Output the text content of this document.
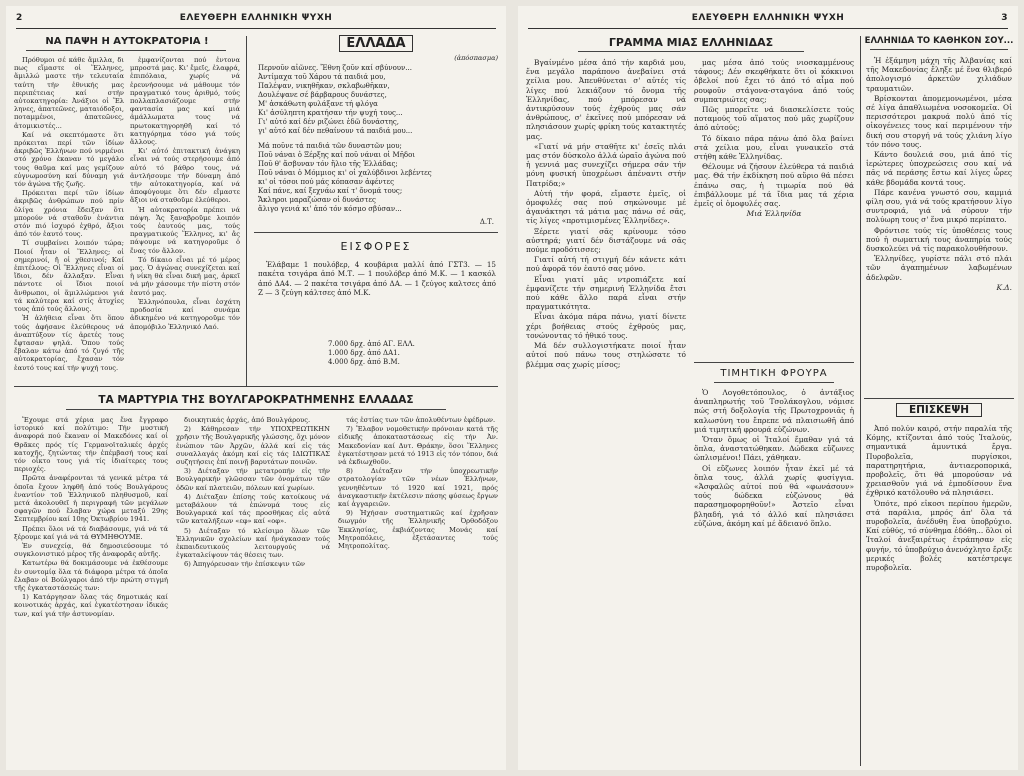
2	ΕΛΕΥΘΕΡΗ ΕΛΛΗΝΙΚΗ ΨΥΧΗ
ΝΑ ΠΑΨΗ Η ΑΥΤΟΚΡΑΤΟΡΙΑ !

Πρόθυμοι σέ κάθε ἅμιλλα, δι πως εἴμαστε οἱ Ἕλληνες, ἅμιλλώ μαστε τήν τελευταία ταύτη τήν ἐθνικής μας περιπέτειας καί στήν αὐτοκατηγορία: Ἀνάξιοι οἱ Ἕλ ληνες, ἀπατεῶνες, ματαιόδοξοι, ποταμμένοι, ἀπατεῶνες, ἀτομικιστές...

Καί νά σκεπτόμαστε ὅτι πρόκειται περί τῶν ἰδίων ἀκριβῶς Ἑλλήνων πού νιρμένοι στό χρόνο ἐκαναν τό μεγάλο τους θαῦμα καί μας γεμίζουν εὐγνωμοσύνη καί δύναμη γιά τόν ἀγώνα τῆς ζωῆς.

Πρόκειται περί τῶν ἰδίων ἀκριβῶς ἀνθρώπων πού πρίν ὀλίγα χρόνια ἔδειξαν ὅτι μπορούν νά σταθοῦν ἐνάντια στόν πιό ἰσχυρό ἐχθρό, ἄξιοι ἀπό τόν ἑαυτό τους.

Τί συμβαίνει λοιπόν τώρα; Ποιοί ἦταν οἱ Ἕλληνες; οἱ σημερινοί, ἤ οἱ χθεσινοί; Καί ἐπιτέλους: Οἱ Ἕλληνες εἶναι οἱ ἴδιοι, δέν ἄλλαξαν. Εἶναι πάντοτε οἱ ἴδιοι ποιοί ἄνθρωποι, οἱ ἅμιλλώμενοι γιά τά καλύτερα καί στίς ἀτυχίες τους ἀπό τούς ἄλλους.

Ἡ ἀλήθεια εἶναι ὅτι ὅπου τούς ἀφήσανε ἐλεύθερους νά ἀναπτύξουν τίς ἀρετές τους ἔφτασαν ψηλά. Ὅπου τούς ἔβαλαν κάτω ἀπό τό ζυγό τῆς αὐτοκρατορίας, ἔχασαν τόν ἑαυτό τους καί τήν ψυχή τους.

ἐμφανίζονται πού ἐντονα μπροστά μας. Κι' ἔμεῖς, ἐλαφρά, ἐπιπόλαια, χωρίς νά ἐρευνήσουμε νά μάθουμε τόν πραγματικό τους ἀριθμό, τούς πολλαπλασιάζουμε στήν φαντασία μας καί μιά ἀμάλλωματα τους νά πρωτοκατηγορηθῆ καί τό κατηγόρημα τόσο γιά τούς ἄλλους.

Κι' αὐτό ἐπιτακτική ἀνάγκη εἶναι νά τούς στερήσουμε ἀπό αὐτό τό βάθρο τους, νά ἀντλήσουμε τήν δύναμη ἀπό τήν αὐτοκατηγορία, καί νά ἀποφύγουμε ὅτι δέν εἴμαστε ἄξιοι νά σταθοῦμε ἐλεύθεροι.

Ἡ αὐτοκρατορία πρέπει νά πάψη. Ἄς ξαναβροῦμε λοιπόν τούς ἑαυτούς μας, τούς πραγματικούς Ἕλληνες, κι' ἄς πάψουμε νά κατηγοροῦμε ὁ ἕνας τόν ἄλλον.

Τό δίκαιο εἶναι μέ τό μέρος μας. Ὁ ἀγώνας συνεχίζεται καί ἡ νίκη θά εἶναι δική μας, ἀρκεῖ νά μήν χάσουμε τήν πίστη στόν ἑαυτό μας.

Ἑλληνόπουλα, εἶναι ἐσχάτη προδοσία καί συνάμα ἀδικημένο νά κατηγοροῦμε τόν ἀπομόβιλο Ἑλληνικό Λαό.

ΕΛΛΑΔΑ
(ἀπόσπασμα)
Περνοῦν αἰῶνες. Ἔθνη ζοῦν καί σβύνουν...
Ἀντίμαχα τοῦ Χάρου τά παιδιά μου,
Παλέψαν, νικηθῆκαν, σκλαβωθῆκαν,
Δουλέψανε σέ βάρβαρους δυνάστες,
Μ' ἀσκάθωτη φυλάξανε τή φλόγα
Κι' ἀσύληπτη κρατήσαν τήν ψυχή τους...
Γι' αὐτό καί δέν ριζώνει ἐδῶ δυνάστης,
γι' αὐτό καί δέν πεθαίνουν τά παιδιά μου...
Μά ποῦνε τά παιδιά τῶν δυναστῶν μου;
Ποῦ νάναι ὁ Ξέρξης καί ποῦ νάναι οἱ Μῆδοι
Ποῦ θ' ἄσβυναν τόν ἥλιο τῆς Ἑλλάδας;
Ποῦ νάναι ὁ Μόμμιος κι' οἱ χαλύβδινοι λεβέντες
κι' οἱ τόσοι πού μάς κόπασαν ἀφέντες
Καί πάνε, καί ξεχνάω καί τ' ὄνομά τους;
Ἄκληροι μαραζώσαν οἱ δυνάστες
ἄλιγο γενιά κι' ἀπό τόν κόσμο σβύσαν...
Δ.Τ.
ΕΙΣΦΟΡΕΣ

Ἐλάβαμε 1 πουλόβερ, 4 κουβάρια μαλλί ἀπό ΓΣΤ3. — 15 πακέτα τσιγάρα ἀπό Μ.Τ. — 1 πουλόβερ ἀπό Μ.Κ. — 1 κασκόλ ἀπό ΔΑ4. — 2 πακέτα τσιγάρα ἀπό ΔΑ. — 1 ζεύγος καλτσες ἀπό Ζ — 3 ζεύγη κάλτσες ἀπό Μ.Κ.

7.000 δρχ. ἀπό ΑΓ. ΕΛΛ.
1.000 δρχ. ἀπό ΔΑ1.
4.000 δρχ. ἀπό Β.Μ.
ΤΑ ΜΑΡΤΥΡΙΑ ΤΗΣ ΒΟΥΛΓΑΡΟΚΡΑΤΗΜΕΝΗΣ ΕΛΛΑΔΑΣ

Ἔχουμε στά χέρια μας ἕνα ἔγγραφο ἱστορικό καί πολύτιμο: Τήν μυστική ἀναφορά πού ἔκαναν οἱ Μακεδόνες καί οἱ Θρᾶκες πρός τίς Γερμανοϊταλικές ἀρχές κατοχῆς, ζητώντας τήν ἐπέμβασή τους καί τόν οἶκτο τους γιά τίς ἰδιαίτερες τους περιοχές.

Πρῶτα ἀναφέρονται τά γενικά μέτρα τά ὁποῖα ἔχουν ληφθῆ ἀπό τούς Βουλγάρους ἐναντίον τοῦ Ἑλληνικοῦ πληθυσμοῦ, καί μετά ἀκολουθεῖ ἡ περιγραφή τῶν μεγάλων σφαγῶν πού ἔλαβαν χώρα μεταξύ 29ης Σεπτεμβρίου καί 10ης Ὀκτωβρίου 1941.

Πρέπει ὅλοι νά τά διαβάσουμε, γιά νά τά ξέρουμε καί γιά νά τά ΘΥΜΗΘΟΥΜΕ.

Ἐν συνεχείᾳ, θά δημοσιεύσουμε τό συγκλονιστικό μέρος τῆς ἀναφορᾶς αὐτῆς.

Κατωτέρω θά δοκιμάσουμε νά ἐκθέσουμε ἐν συντομίᾳ ὅλα τά διάφορα μέτρα τά ὁποῖα ἔλαβαν οἱ Βούλγαροι ἀπό τήν πρώτη στιγμή τῆς ἐγκαταστάσεώς των:

1) Κατάργησαν ὅλας τάς δημοτικάς καί κοινοτικάς ἀρχάς, καί ἐγκατέστησαν ἰδικάς των, καί γιά τήν ἀστυνομίαν.

διοικητικάς ἀρχάς, ἀπό Βουλγάρους.

2) Κάθηρεσαν τήν ΥΠΟΧΡΕΩΤΙΚΗΝ χρῆσιν τῆς Βουλγαρικῆς γλώσσης, ὄχι μόνον ἐνώπιον τῶν Ἀρχῶν, ἀλλά καί εἰς τάς συναλλαγάς ἀκόμη καί εἰς τάς ΙΔΙΩΤΙΚΑΣ συζητήσεις ἐπί ποινῇ βαρυτάτων ποινῶν.

3) Διέταξαν τήν μετατροπήν εἰς τήν Βουλγαρικήν γλῶσσαν τῶν ὀνομάτων τῶν ὁδῶν καί πλατειῶν, πόλεων καί χωρίων.

4) Διέταξαν ἐπίσης τούς κατοίκους νά μεταβάλουν τά ἐπώνυμά τους εἰς Βουλγαρικά καί τάς προσθήκας εἰς αὐτά τῶν καταλήξεων «εφ» καί «οφ».

5) Διέταξαν τό κλείσιμο ὅλων τῶν Ἑλληνικῶν σχολείων καί ἠνάγκασαν τούς ἐκπαιδευτικούς λειτουργούς νά ἐγκαταλείψουν τάς θέσεις των.

6) Ἀπηγόρευσαν τήν ἐπίσκεψιν τῶν

τάς ἑστίας των τῶν ἀπολυθέντων ἐφέδρων.

7) Ἔλαβον νομοθετικήν πρόνοιαν κατά τῆς εἰδικῆς ἀποκαταστάσεως εἰς τήν Ἀν. Μακεδονίαν καί Δυτ. Θράκην, ὅσοι Ἕλληνες ἐγκατέστησαν μετά τό 1913 εἰς τόν τόπον, διά νά ἐκδιωχθοῦν.

8) Διέταξαν τήν ὑποχρεωτικήν στρατολογίαν τῶν νέων Ἑλλήνων, γεννηθέντων τό 1920 καί 1921, πρός ἀναγκαστικήν ἐκτέλεσιν πάσης φύσεως ἔργων καί ἀγγαρειῶν.

9) Ἠχήσαν συστηματικῶς καί ἐχρῆσαν διωγμόν τῆς Ἑλληνικῆς Ὀρθοδόξου Ἐκκλησίας, ἐκβιάζοντας Μονάς καί Μητροπόλεις, ἐξετάσαντες τούς Μητροπολίτας.

ΕΛΕΥΘΕΡΗ ΕΛΛΗΝΙΚΗ ΨΥΧΗ	3
ΓΡΑΜΜΑ ΜΙΑΣ ΕΛΛΗΝΙΔΑΣ

Βγαίνμένο μέσα ἀπό τήν καρδιά μου, ἕνα μεγάλο παράπονο ἀνεβαίνει στά χείλια μου. Ἀπευθύνεται σ' αὐτές τίς λίγες πού λεκιάζουν τό ὄνομα τῆς Ἑλληνίδας, πού μπόρεσαν νά ἀντικρύσουν τούς ἐχθρούς μας σάν ἀνθρώπους, σ' ἐκεῖνες πού μπόρεσαν νά πλησιάσουν χωρίς φρίκη τούς κατακτητές μας.

«Γιατί νά μήν σταθῆτε κι' ἐσεῖς πλάι μας στόν δύσκολο ἀλλά ὡραῖο ἀγώνα πού ἡ γεννιά μας συνεχίζει σήμερα σάν τήν μόνη φυσική ὑποχρέωσι ἀπέναντι στήν Πατρίδα;»

Αὐτή τήν φορά, εἴμαστε ἐμεῖς, οἱ ὁμοφυλές σας πού σηκώνουμε μέ ἀγανάκτησι τά μάτια μας πάνω σέ σᾶς, τίς λίγες «προτιμισμένες Ἑλληνίδες».

Ξέρετε γιατί σᾶς κρίνουμε τόσο αὐστηρά; γιατί δέν διστάζουμε νά σᾶς πούμε προδότισσες;

Γιατί αὐτή τή στιγμή δέν κάνετε κάτι πού ἀφορᾶ τόν ἑαυτό σας μόνο.

Εἶναι γιατί μᾶς ντροπιάζετε καί ἐμφανίζετε τήν σημερινή Ἑλληνίδα ἔτσι πού κάθε ἄλλο παρά εἶναι στήν πραγματικότητα.

Εἶναι ἀκόμα πάρα πάνω, γιατί δίνετε χέρι βοήθειας στούς ἐχθρούς μας, τονώνοντας τό ἠθικό τους.

Μά δέν συλλογιστήκατε ποιοί ἦταν αὐτοί πού πάνω τους στηλώσατε τό βλέμμα σας χωρίς μίσος;

μας μέσα ἀπό τούς νιοσκαμμένους τάφους; Δέν σκεφθήκατε ὅτι οἱ κόκκινοι ὀβελοί πού ἔχει τό ἀπό τό αἷμα πού ρουφοῦν στάγονα-σταγόνα ἀπό τούς συμπατριώτες σας;

Πῶς μπορεῖτε νά διασκελίσετε τούς ποταμούς τοῦ αἵματος πού μᾶς χωρίζουν ἀπό αὐτούς;

Τό δίκαιο πάρα πάνω ἀπό ὅλα βαίνει στά χείλια μου, εἶναι γυναικεῖο στά στήθη κάθε Ἑλληνίδας.

Θέλουμε νά ζήσουν ἐλεύθερα τά παιδιά μας. Θά τήν ἐκδίκηση πού αὔριο θά πέσει ἐπάνω σας, ἡ τιμωρία πού θά ἐπιβάλλουμε μέ τά ἴδια μας τά χέρια ἐμεῖς οἱ ὁμοφυλές σας.

Μιά Ἑλληνίδα

ΤΙΜΗΤΙΚΗ ΦΡΟΥΡΑ

Ὁ Λογοθετόπουλος, ὁ ἀντάξιος ἀναπληρωτής τοῦ Τσολάκογλου, νόμισε πώς στή δοξολογία τῆς Πρωτοχρονιᾶς ἡ καλωσύνη του ἔπρεπε νά πλαισιωθῆ ἀπό μιά τιμητική φρουρά εὐζώνων.

Ὅταν ὅμως οἱ Ἰταλοί ἔμαθαν γιά τά ὅπλα, ἀναστατώθηκαν. Δώδεκα εὔζωνες ὡπλισμένοι! Πάει, χάθηκαν.

Οἱ εὔζωνες λοιπόν ἦταν ἐκεῖ μέ τά ὅπλα τους, ἀλλά χωρίς φυσίγγια. «Ἀσφαλῶς αὐτοί πού θά «φωνάσουν» τούς δώδεκα εὐζώνους θά παρασημοφορηθοῦν!» Ἀστεῖο εἶναι βληαδή, γιά τό ἀλλό καί πλησιάσει εὐζώνα, ἀκόμη καί μέ ἄδειανό ὅπλο.

ΕΛΛΗΝΙΔΑ ΤΟ ΚΑΘΗΚΟΝ ΣΟΥ...

Ἡ ἐξάμηνη μάχη τῆς Ἀλβανίας καί τῆς Μακεδονίας ἔληξε μέ ἕνα θλιβερό ἀπολογισμό ἀρκετῶν χιλιάδων τραυματιῶν.

Βρίσκονται ἀπομεμονωμένοι, μέσα σέ λίγα ἀπαθλιωμένα νοσοκομεῖα. Οἱ περισσότεροι μακρυά πολύ ἀπό τίς οἰκογένειες τους καί περιμένουν τήν δική σου στοργή νά τούς χλιάνη λίγο τόν πόνο τους.

Κάντο δουλειά σου, μιά ἀπό τίς ἱερώτερες ὑποχρεώσεις σου καί νά πᾶς νά περάσης ἔστω καί λίγες ὧρες κάθε βδομάδα κοντά τους.

Πάρε κανένα γνωστό σου, καμμιά φίλη σου, γιά νά τούς κρατήσουν λίγο συντροφιά, γιά νά σύρουν τήν πολύωρη τους σ' ἕνα μικρό περίπατο.

Φρόντισε τούς τίς ὑποθέσεις τους πού ἡ σωματική τους ἀναπηρία τούς δυσκολεύει νά τίς παρακολουθήσουν.

Ἑλληνίδες, γυρίστε πάλι στό πλάι τῶν ἀγαπημένων λαβωμένων ἀδελφῶν.

Κ.Δ.

ΕΠΙΣΚΕΨΗ

Ἀπό πολύν καιρό, στήν παραλία τῆς Κόμης, κτίζονται ἀπό τούς Ἰταλούς, σημαντικά ἀμυντικά ἔργα. Πυροβολεῖα, πυργίσκοι, παρατηρητήρια, ἀντιαεροπορικά, προβολεῖς, ὅτι θά μπορούσαν νά χρειασθοῦν γιά νά ἐμποδίσουν ἕνα ἐχθρικό κατόλουθο νά πλησιάσει.

Ὁπότε, πρό εἰκοσι περίπου ἡμερῶν, στά παράλια, μπρός ἀπ' ὅλα τά πυροβολεῖα, ἀνέδυθη ἕνα ὑποβρύχιο. Καί εὐθύς, τό σύνθημα ἐδόθη... ὅλοι οἱ Ἰταλοί ἀνεξαιρέτως ἐτράπησαν εἰς φυγήν, τό ὑποβρύχιο ἀνενόχλητο ἔριξε μερικές βολές κατέστρεψε πυροβολεῖα.
